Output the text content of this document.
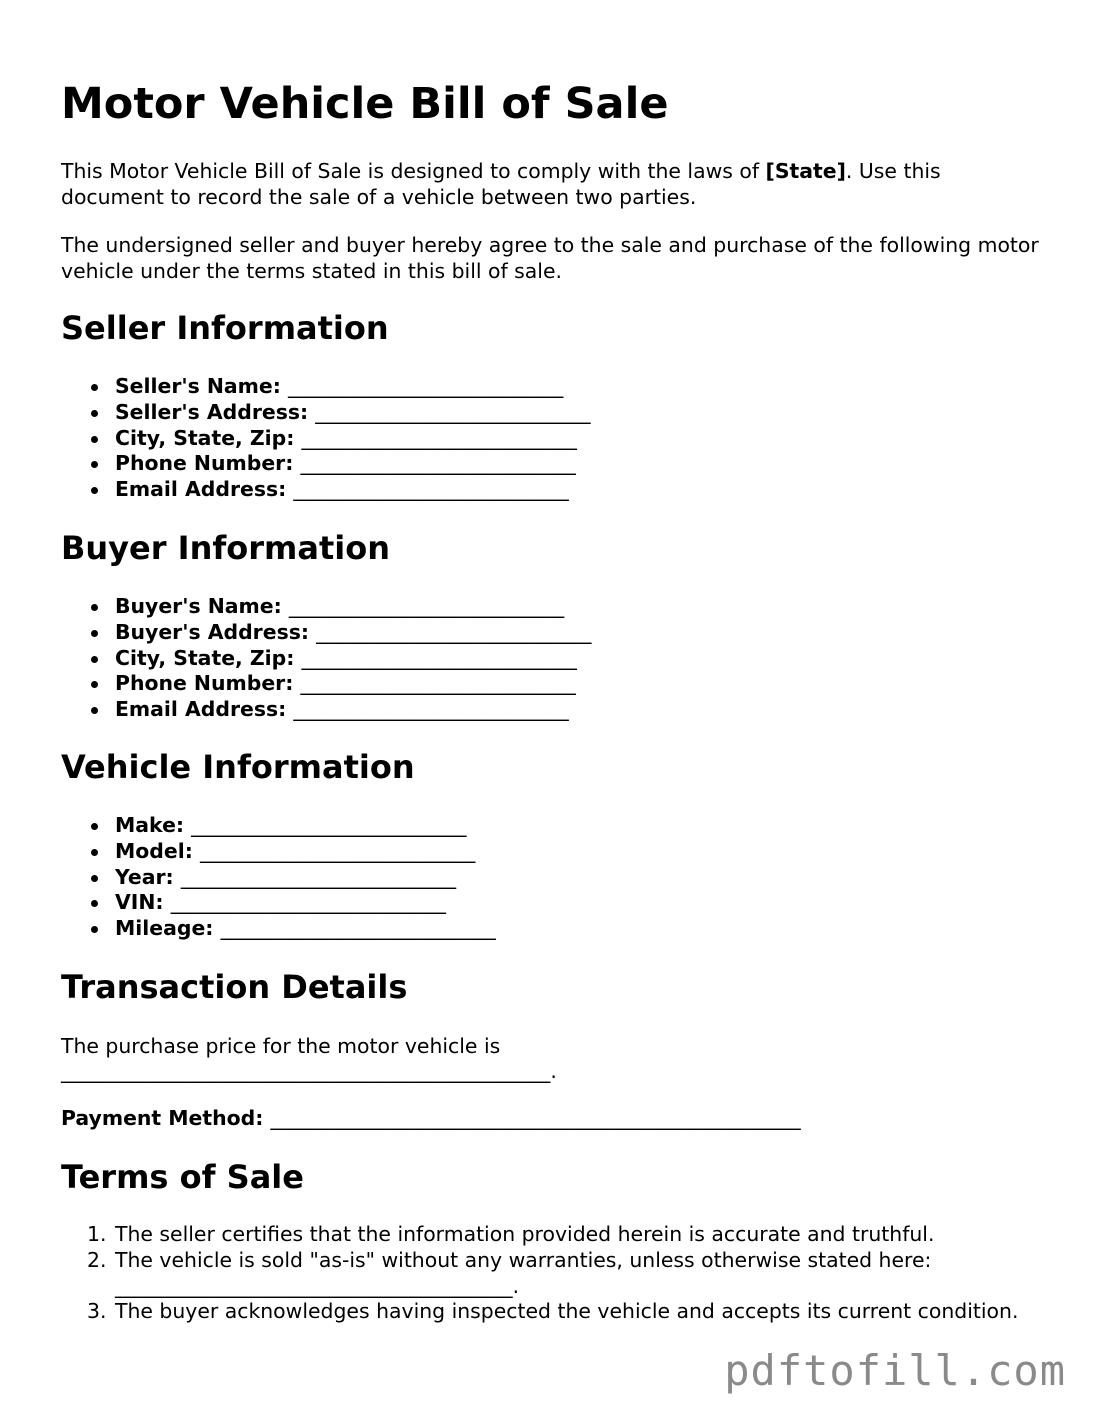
Motor Vehicle Bill of Sale

This Motor Vehicle Bill of Sale is designed to comply with the laws of [State]. Use this document to record the sale of a vehicle between two parties.

The undersigned seller and buyer hereby agree to the sale and purchase of the following motor vehicle under the terms stated in this bill of sale.

Seller Information
Seller's Name: ___________________________
Seller's Address: ___________________________
City, State, Zip: ___________________________
Phone Number: ___________________________
Email Address: ___________________________
Buyer Information
Buyer's Name: ___________________________
Buyer's Address: ___________________________
City, State, Zip: ___________________________
Phone Number: ___________________________
Email Address: ___________________________
Vehicle Information
Make: ___________________________
Model: ___________________________
Year: ___________________________
VIN: ___________________________
Mileage: ___________________________
Transaction Details

The purchase price for the motor vehicle is

________________________________________________.

Payment Method: ____________________________________________________

Terms of Sale
1. The seller certifies that the information provided herein is accurate and truthful.
2. The vehicle is sold "as-is" without any warranties, unless otherwise stated here:
_______________________________________.
3. The buyer acknowledges having inspected the vehicle and accepts its current condition.
pdftofill.com
